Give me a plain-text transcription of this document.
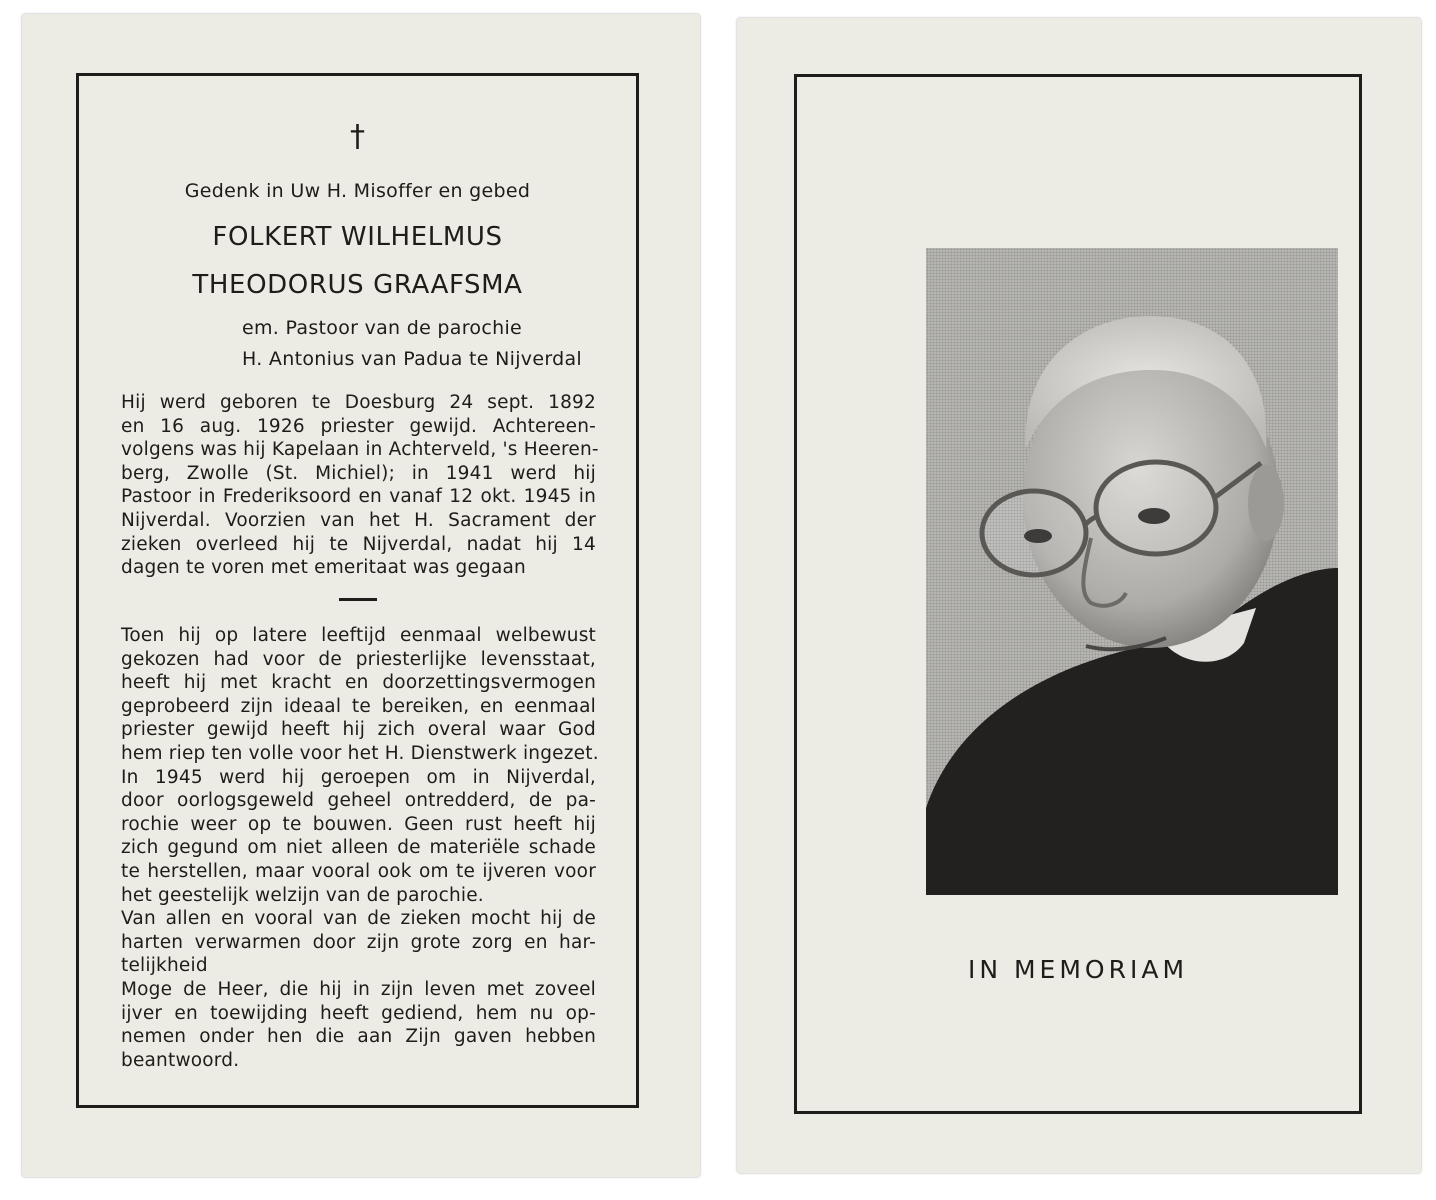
†
Gedenk in Uw H. Misoffer en gebed
FOLKERT WILHELMUS
THEODORUS GRAAFSMA
em. Pastoor van de parochie
H. Antonius van Padua te Nijverdal
Hij werd geboren te Doesburg 24 sept. 1892
en 16 aug. 1926 priester gewijd. Achtereen-
volgens was hij Kapelaan in Achterveld, 's Heeren-
berg, Zwolle (St. Michiel); in 1941 werd hij
Pastoor in Frederiksoord en vanaf 12 okt. 1945 in
Nijverdal. Voorzien van het H. Sacrament der
zieken overleed hij te Nijverdal, nadat hij 14
dagen te voren met emeritaat was gegaan
Toen hij op latere leeftijd eenmaal welbewust
gekozen had voor de priesterlijke levensstaat,
heeft hij met kracht en doorzettingsvermogen
geprobeerd zijn ideaal te bereiken, en eenmaal
priester gewijd heeft hij zich overal waar God
hem riep ten volle voor het H. Dienstwerk ingezet.
In 1945 werd hij geroepen om in Nijverdal,
door oorlogsgeweld geheel ontredderd, de pa-
rochie weer op te bouwen. Geen rust heeft hij
zich gegund om niet alleen de materiële schade
te herstellen, maar vooral ook om te ijveren voor
het geestelijk welzijn van de parochie.
Van allen en vooral van de zieken mocht hij de
harten verwarmen door zijn grote zorg en har-
telijkheid
Moge de Heer, die hij in zijn leven met zoveel
ijver en toewijding heeft gediend, hem nu op-
nemen onder hen die aan Zijn gaven hebben
beantwoord.
IN MEMORIAM
